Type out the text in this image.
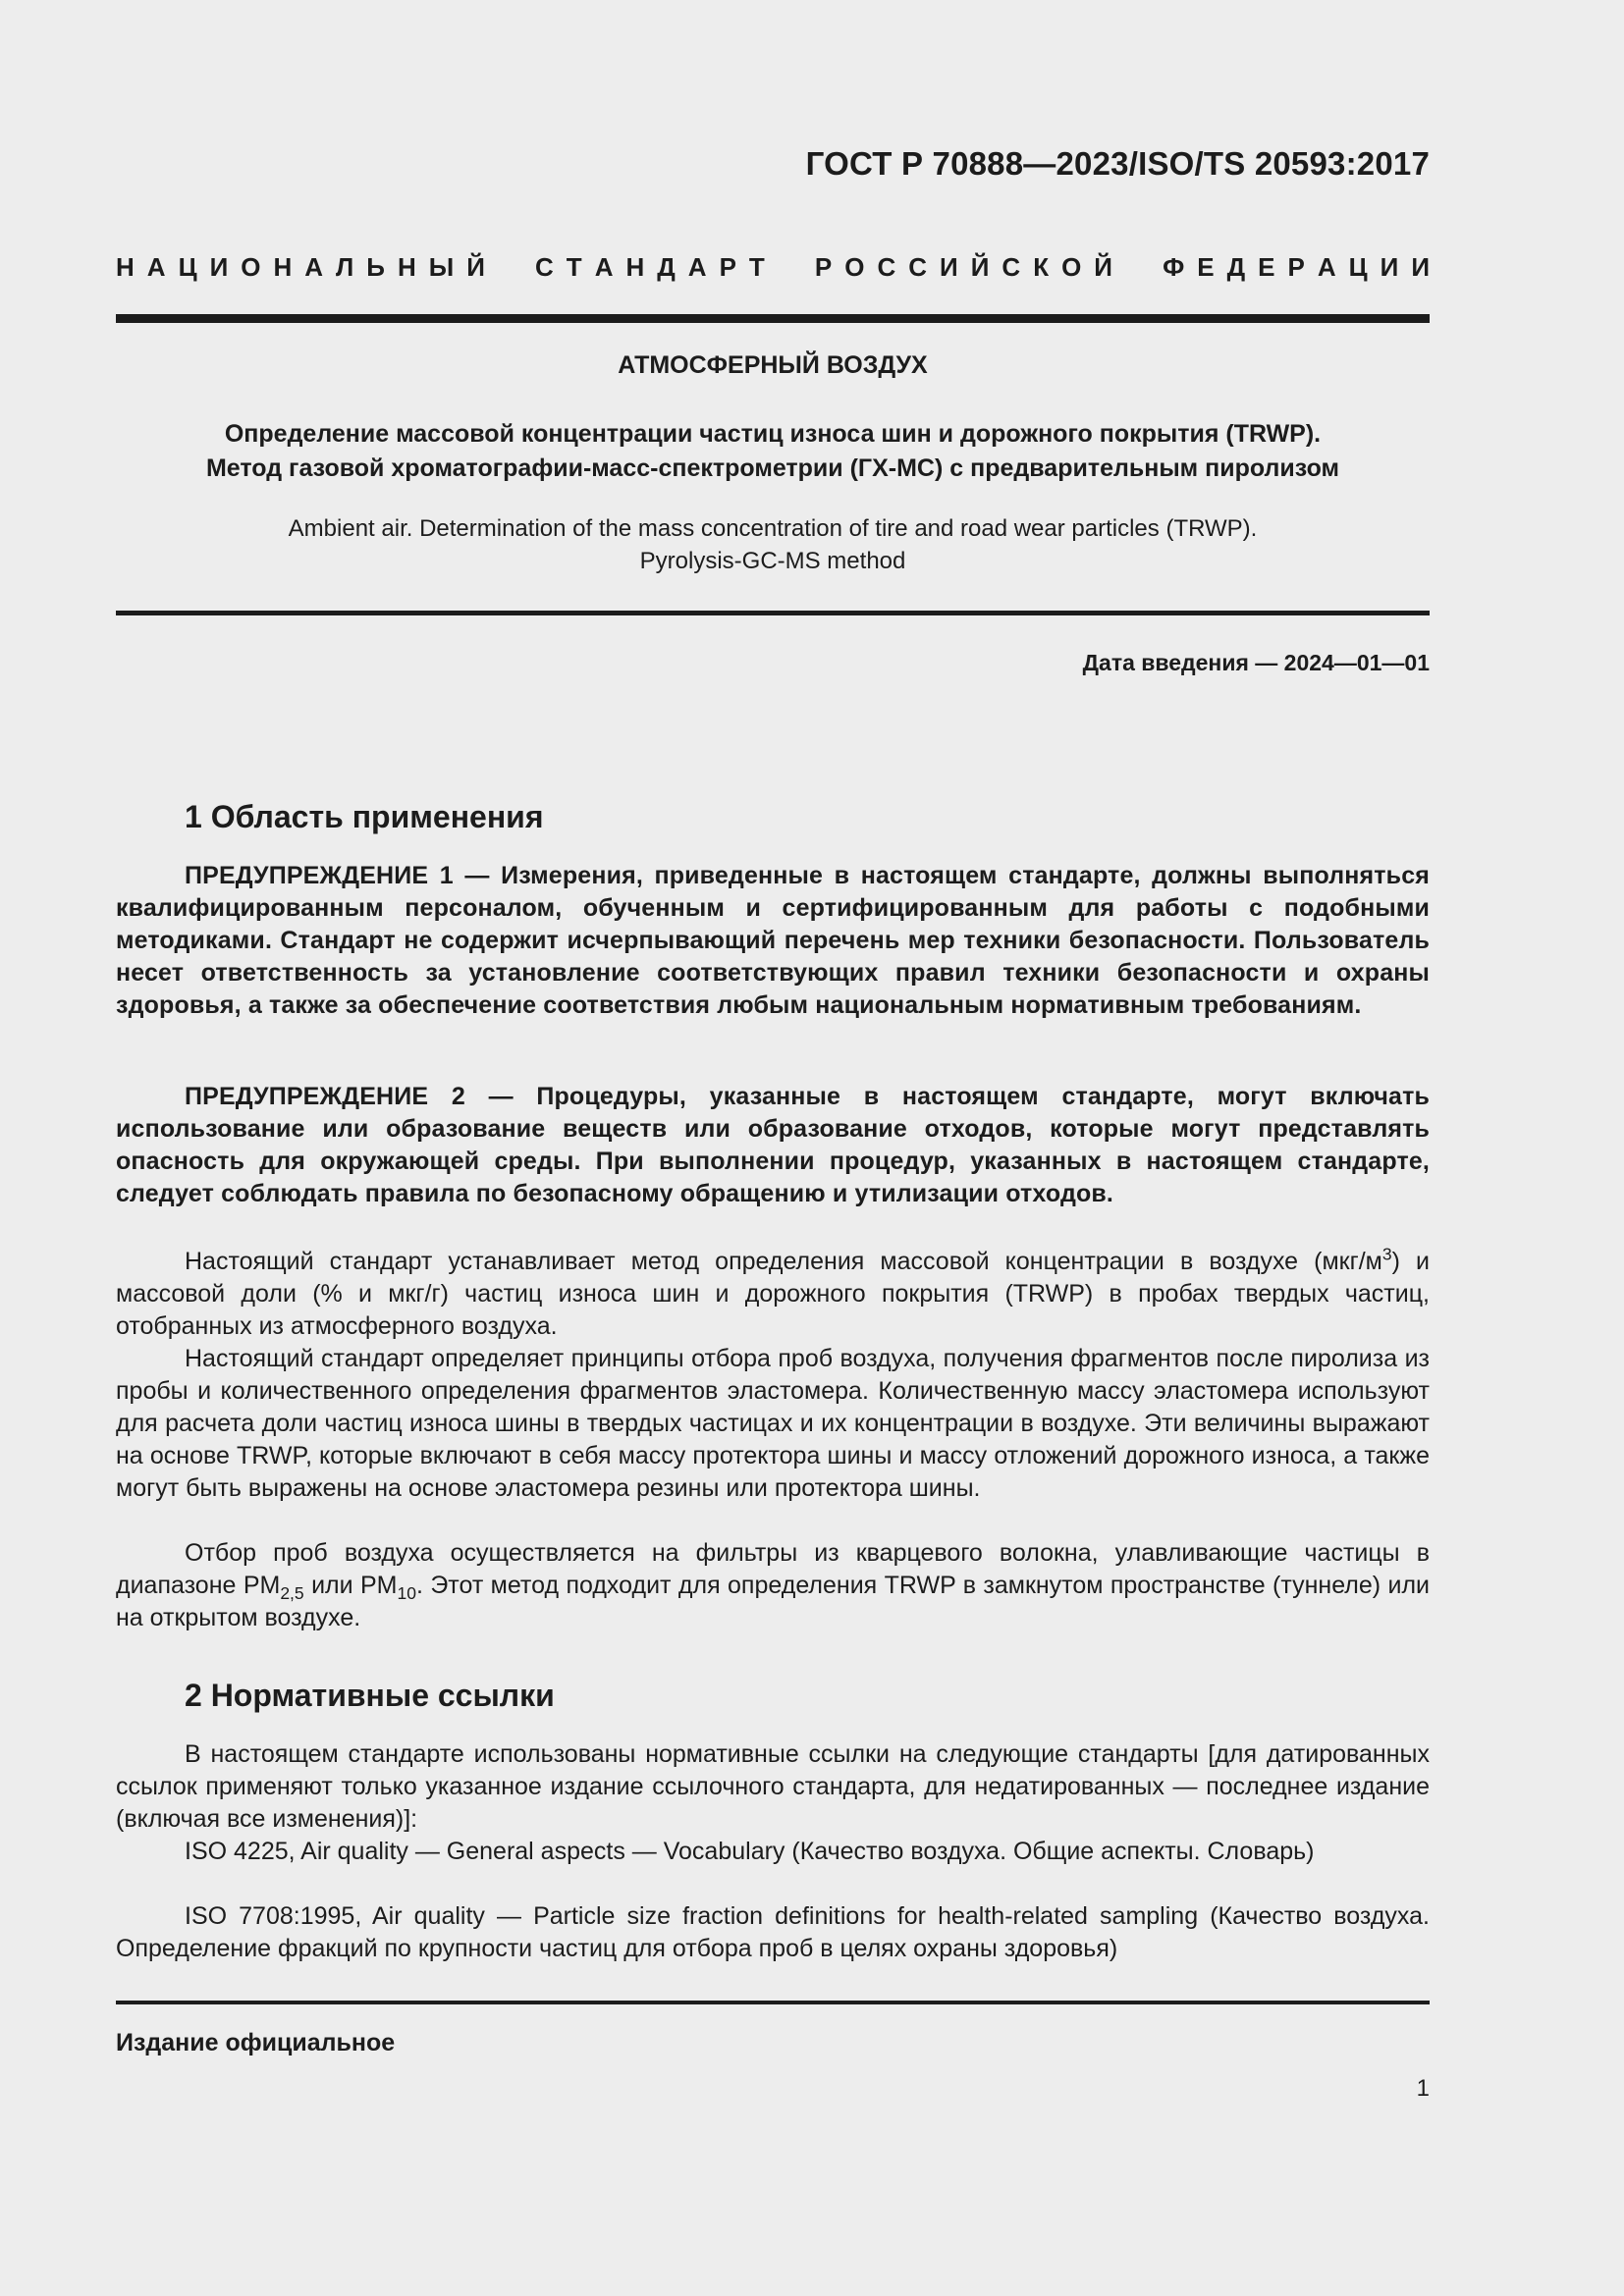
ГОСТ Р 70888—2023/ISO/TS 20593:2017
Н А Ц И О Н А Л Ь Н Ы Й С Т А Н Д А Р Т Р О С С И Й С К О Й Ф Е Д Е Р А Ц И И
АТМОСФЕРНЫЙ ВОЗДУХ
Определение массовой концентрации частиц износа шин и дорожного покрытия (TRWP).
Метод газовой хроматографии-масс-спектрометрии (ГХ-МС) с предварительным пиролизом
Ambient air. Determination of the mass concentration of tire and road wear particles (TRWP).
Pyrolysis-GC-MS method
Дата введения — 2024—01—01
1 Область применения
ПРЕДУПРЕЖДЕНИЕ 1 — Измерения, приведенные в настоящем стандарте, должны выполняться квалифицированным персоналом, обученным и сертифицированным для работы с подобными методиками. Стандарт не содержит исчерпывающий перечень мер техники безопасности. Пользователь несет ответственность за установление соответствующих правил техники безопасности и охраны здоровья, а также за обеспечение соответствия любым национальным нормативным требованиям.
ПРЕДУПРЕЖДЕНИЕ 2 — Процедуры, указанные в настоящем стандарте, могут включать использование или образование веществ или образование отходов, которые могут представлять опасность для окружающей среды. При выполнении процедур, указанных в настоящем стандарте, следует соблюдать правила по безопасному обращению и утилизации отходов.
Настоящий стандарт устанавливает метод определения массовой концентрации в воздухе $(мкг/м^3)$ и массовой доли (% и мкг/г) частиц износа шин и дорожного покрытия (TRWP) в пробах твердых частиц, отобранных из атмосферного воздуха.
Настоящий стандарт определяет принципы отбора проб воздуха, получения фрагментов после пиролиза из пробы и количественного определения фрагментов эластомера. Количественную массу эластомера используют для расчета доли частиц износа шины в твердых частицах и их концентрации в воздухе. Эти величины выражают на основе TRWP, которые включают в себя массу протектора шины и массу отложений дорожного износа, а также могут быть выражены на основе эластомера резины или протектора шины.
Отбор проб воздуха осуществляется на фильтры из кварцевого волокна, улавливающие частицы в диапазоне $PM_{2,5}$ или $PM_{10}$. Этот метод подходит для определения TRWP в замкнутом пространстве (туннеле) или на открытом воздухе.
2 Нормативные ссылки
В настоящем стандарте использованы нормативные ссылки на следующие стандарты [для датированных ссылок применяют только указанное издание ссылочного стандарта, для недатированных — последнее издание (включая все изменения)]:
ISO 4225, Air quality — General aspects — Vocabulary (Качество воздуха. Общие аспекты. Словарь)
ISO 7708:1995, Air quality — Particle size fraction definitions for health-related sampling (Качество воздуха. Определение фракций по крупности частиц для отбора проб в целях охраны здоровья)
Издание официальное
1
